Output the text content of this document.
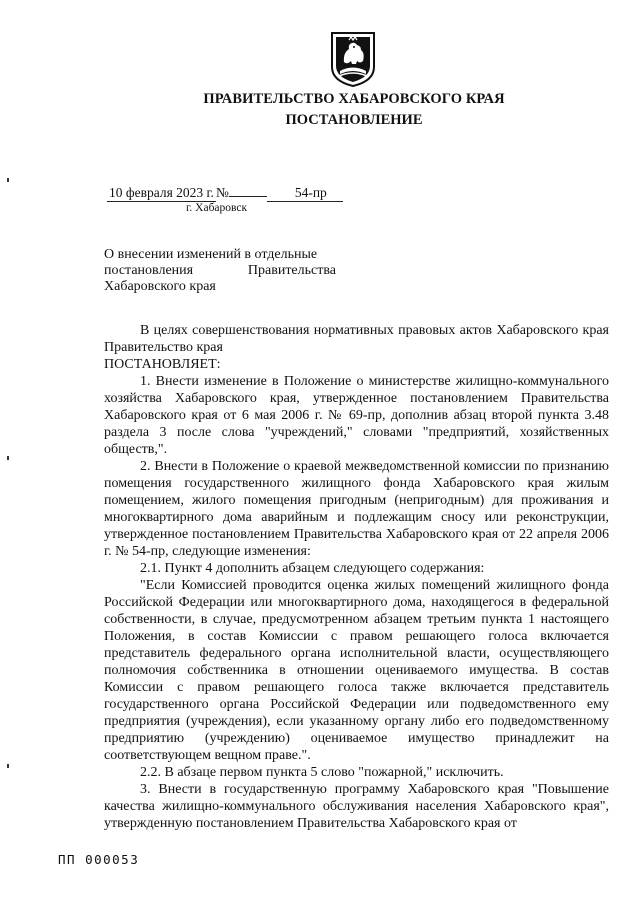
ПРАВИТЕЛЬСТВО ХАБАРОВСКОГО КРАЯ
ПОСТАНОВЛЕНИЕ
10 февраля 2023 г. №	54-пр
г. Хабаровск
О внесении изменений в отдельные
постановления	Правительства
Хабаровского края

В целях совершенствования нормативных правовых актов Хабаровского края Правительство края

ПОСТАНОВЛЯЕТ:

1. Внести изменение в Положение о министерстве жилищно-коммунального хозяйства Хабаровского края, утвержденное постановлением Правительства Хабаровского края от 6 мая 2006 г. № 69-пр, дополнив абзац второй пункта 3.48 раздела 3 после слова "учреждений," словами "предприятий, хозяйственных обществ,".

2. Внести в Положение о краевой межведомственной комиссии по признанию помещения государственного жилищного фонда Хабаровского края жилым помещением, жилого помещения пригодным (непригодным) для проживания и многоквартирного дома аварийным и подлежащим сносу или реконструкции, утвержденное постановлением Правительства Хабаровского края от 22 апреля 2006 г. № 54-пр, следующие изменения:

2.1. Пункт 4 дополнить абзацем следующего содержания:

"Если Комиссией проводится оценка жилых помещений жилищного фонда Российской Федерации или многоквартирного дома, находящегося в федеральной собственности, в случае, предусмотренном абзацем третьим пункта 1 настоящего Положения, в состав Комиссии с правом решающего голоса включается представитель федерального органа исполнительной власти, осуществляющего полномочия собственника в отношении оцениваемого имущества. В состав Комиссии с правом решающего голоса также включается представитель государственного органа Российской Федерации или подведомственного ему предприятия (учреждения), если указанному органу либо его подведомственному предприятию (учреждению) оцениваемое имущество принадлежит на соответствующем вещном праве.".

2.2. В абзаце первом пункта 5 слово "пожарной," исключить.

3. Внести в государственную программу Хабаровского края "Повышение качества жилищно-коммунального обслуживания населения Хабаровского края", утвержденную постановлением Правительства Хабаровского края от

ПП 000053
